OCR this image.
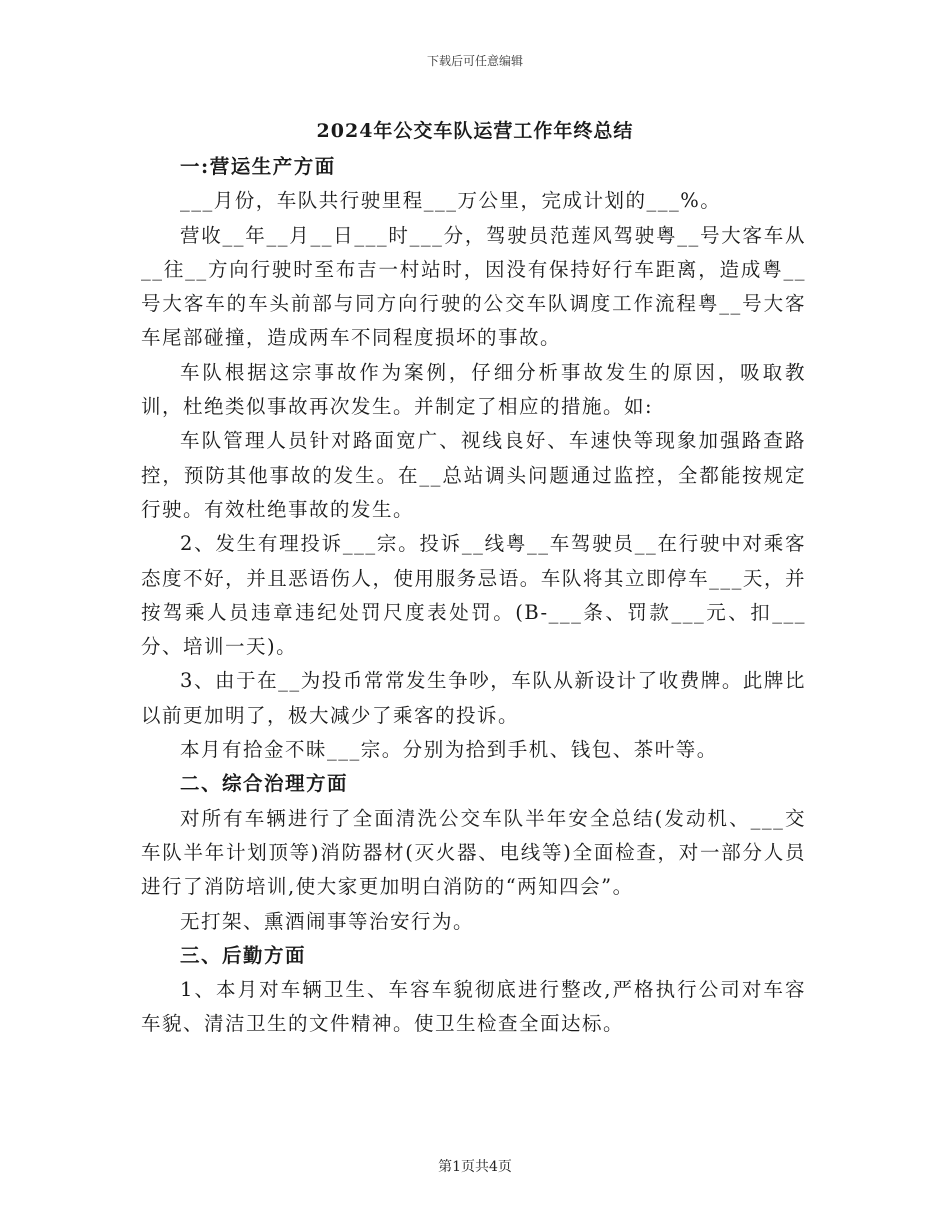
下载后可任意编辑
2024年公交车队运营工作年终总结
一:营运生产方面

___月份，车队共行驶里程___万公里，完成计划的___%。

营收__年__月__日___时___分，驾驶员范莲风驾驶粤__号大客车从__往__方向行驶时至布吉一村站时，因没有保持好行车距离，造成粤__号大客车的车头前部与同方向行驶的公交车队调度工作流程粤__号大客车尾部碰撞，造成两车不同程度损坏的事故。

车队根据这宗事故作为案例，仔细分析事故发生的原因，吸取教训，杜绝类似事故再次发生。并制定了相应的措施。如:

车队管理人员针对路面宽广、视线良好、车速快等现象加强路查路控，预防其他事故的发生。在__总站调头问题通过监控，全都能按规定行驶。有效杜绝事故的发生。

2、发生有理投诉___宗。投诉__线粤__车驾驶员__在行驶中对乘客态度不好，并且恶语伤人，使用服务忌语。车队将其立即停车___天，并按驾乘人员违章违纪处罚尺度表处罚。(B-___条、罚款___元、扣___分、培训一天)。

3、由于在__为投币常常发生争吵，车队从新设计了收费牌。此牌比以前更加明了，极大减少了乘客的投诉。

本月有拾金不昧___宗。分别为拾到手机、钱包、茶叶等。

二、综合治理方面

对所有车辆进行了全面清洗公交车队半年安全总结(发动机、___交车队半年计划顶等)消防器材(灭火器、电线等)全面检查，对一部分人员进行了消防培训,使大家更加明白消防的“两知四会”。

无打架、熏酒闹事等治安行为。

三、后勤方面

1、本月对车辆卫生、车容车貌彻底进行整改,严格执行公司对车容车貌、清洁卫生的文件精神。使卫生检查全面达标。

第1页共4页
